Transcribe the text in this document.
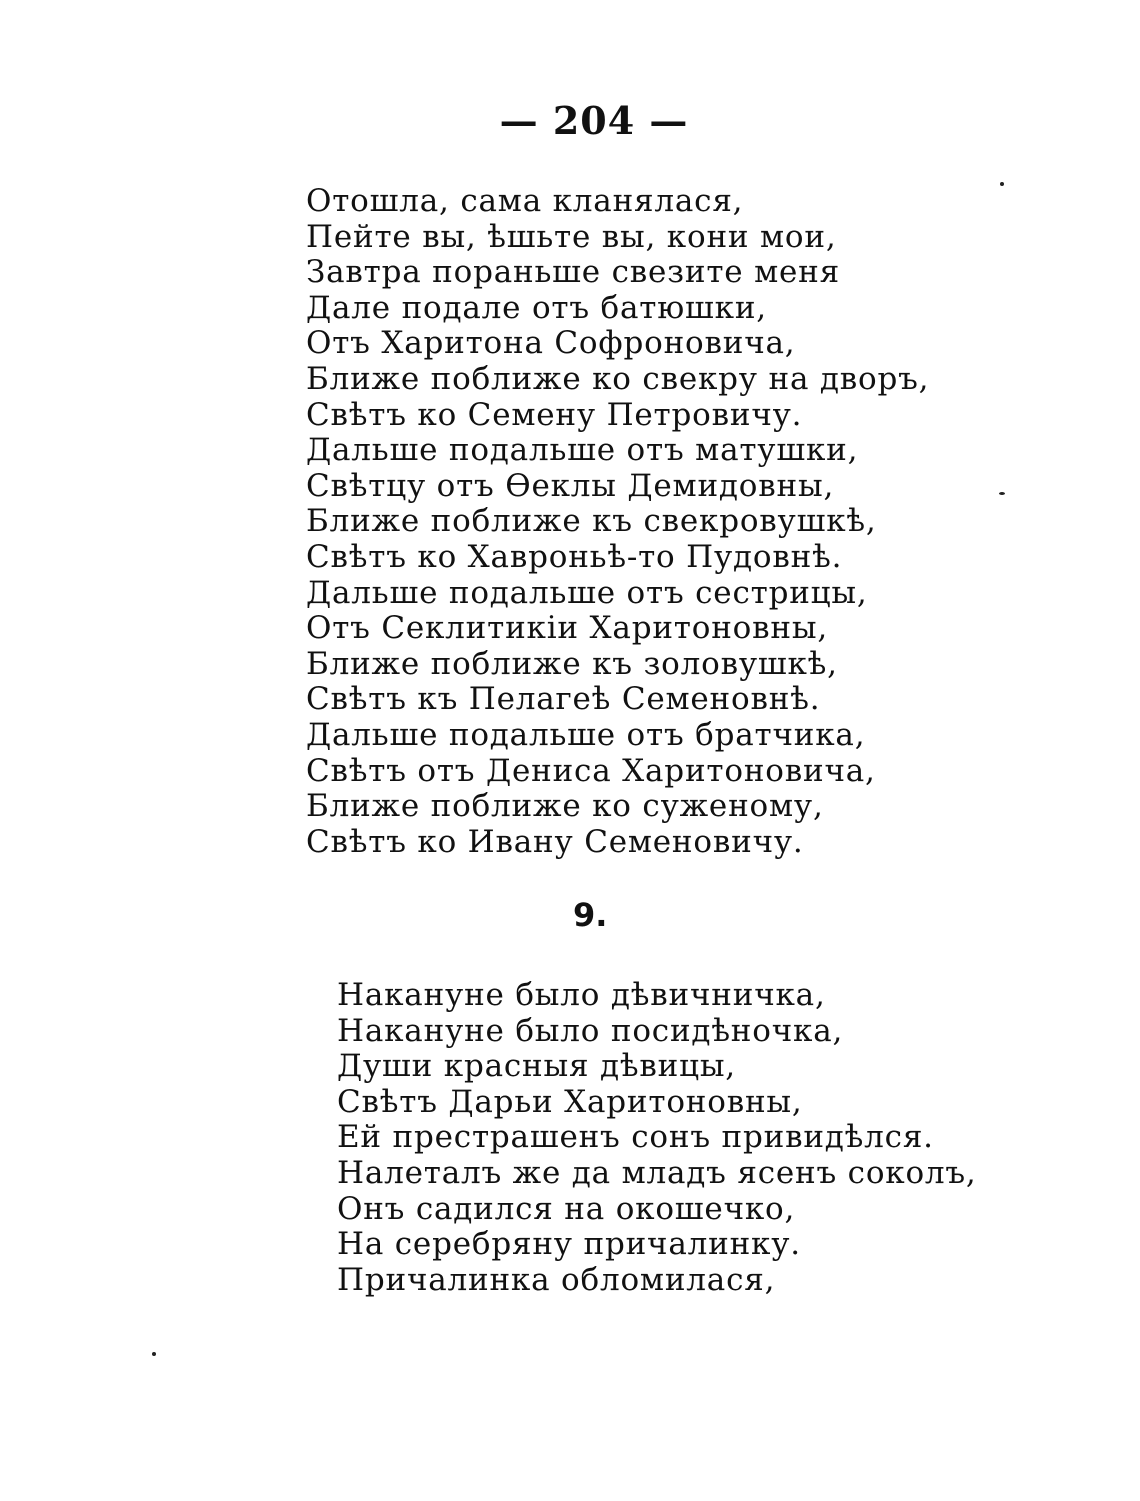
— 204 —
Отошла, сама кланялася,
Пейте вы, ѣшьте вы, кони мои,
Завтра пораньше свезите меня
Дале подале отъ батюшки,
Отъ Харитона Софроновича,
Ближе поближе ко свекру на дворъ,
Свѣтъ ко Семену Петровичу.
Дальше подальше отъ матушки,
Свѣтцу отъ Ѳеклы Демидовны,
Ближе поближе къ свекровушкѣ,
Свѣтъ ко Хавроньѣ-то Пудовнѣ.
Дальше подальше отъ сестрицы,
Отъ Секлитикіи Харитоновны,
Ближе поближе къ золовушкѣ,
Свѣтъ къ Пелагеѣ Семеновнѣ.
Дальше подальше отъ братчика,
Свѣтъ отъ Дениса Харитоновича,
Ближе поближе ко суженому,
Свѣтъ ко Ивану Семеновичу.
9.
Накануне было дѣвичничка,
Накануне было посидѣночка,
Души красныя дѣвицы,
Свѣтъ Дарьи Харитоновны,
Ей престрашенъ сонъ привидѣлся.
Налеталъ же да младъ ясенъ соколъ,
Онъ садился на окошечко,
На серебряну причалинку.
Причалинка обломилася,
